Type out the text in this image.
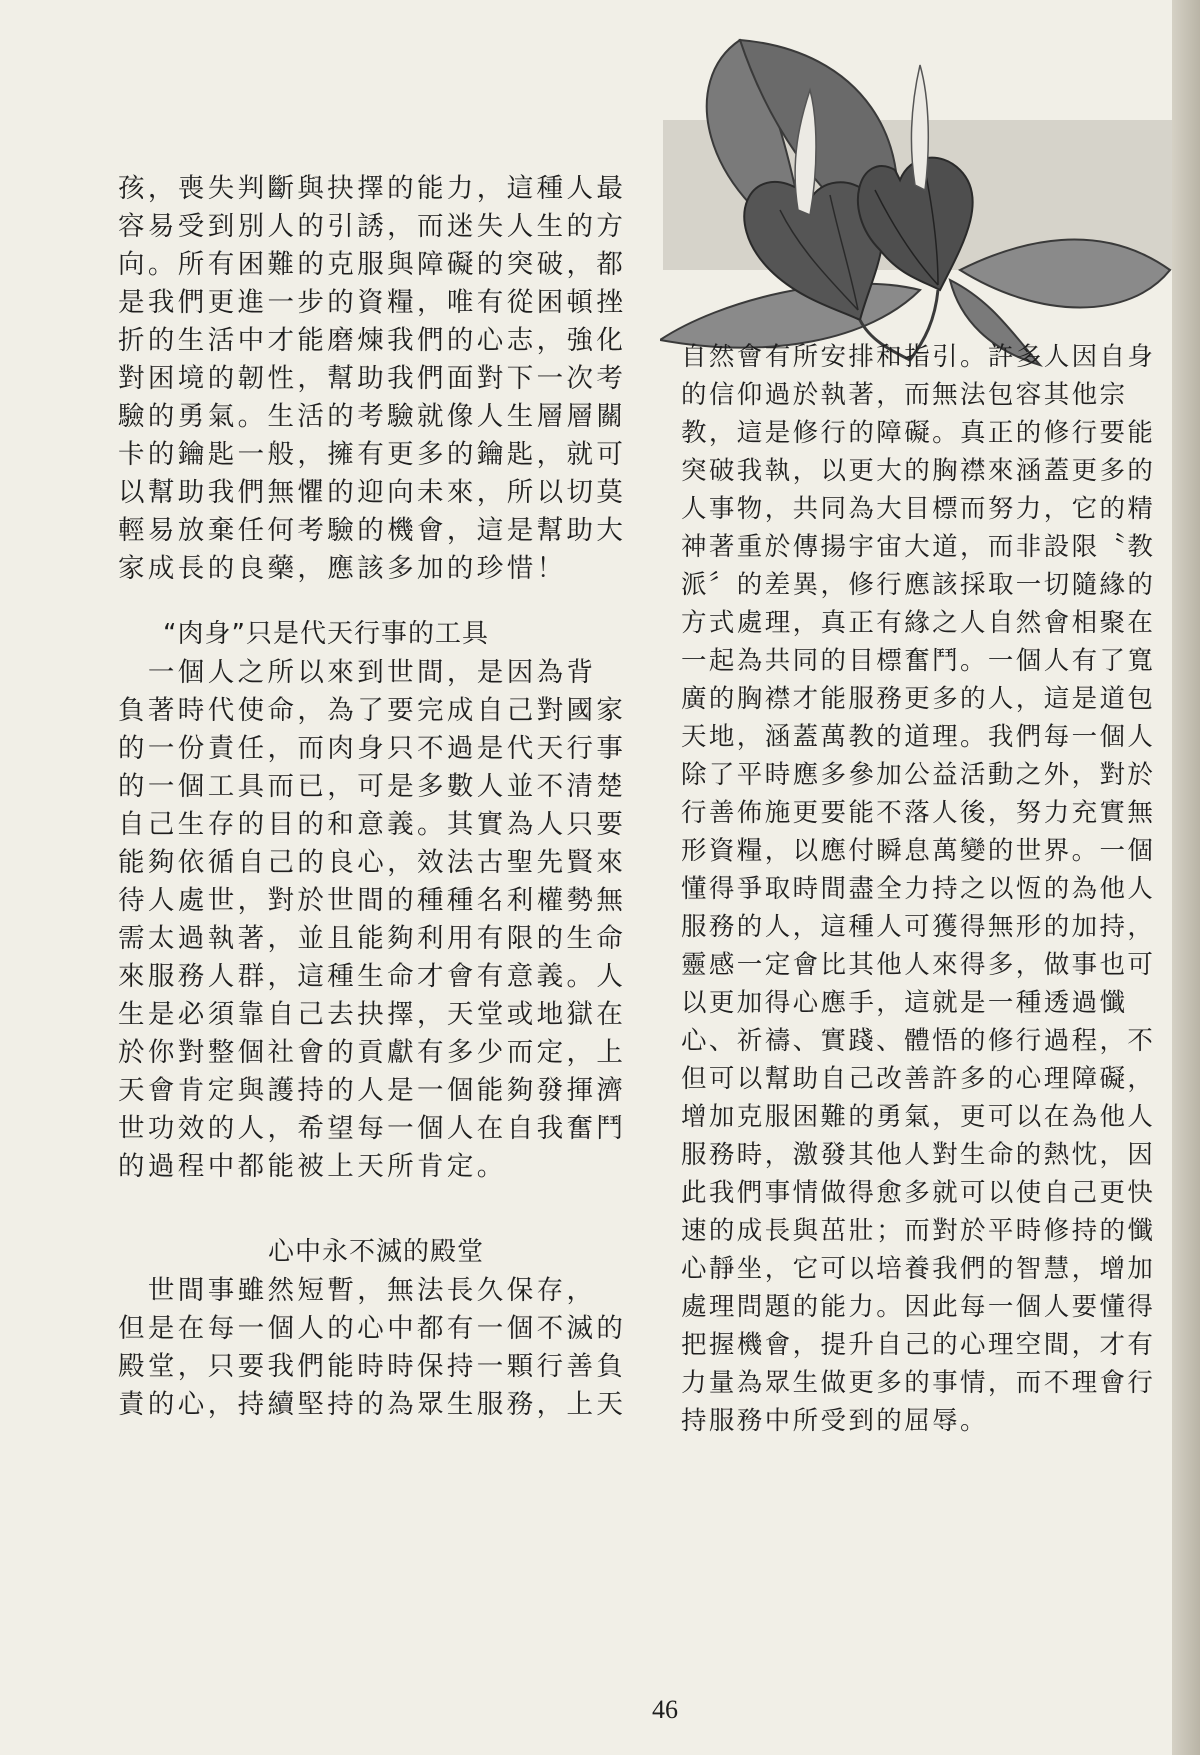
孩，喪失判斷與抉擇的能力，這種人最
容易受到別人的引誘，而迷失人生的方
向。所有困難的克服與障礙的突破，都
是我們更進一步的資糧，唯有從困頓挫
折的生活中才能磨煉我們的心志，強化
對困境的韌性，幫助我們面對下一次考
驗的勇氣。生活的考驗就像人生層層關
卡的鑰匙一般，擁有更多的鑰匙，就可
以幫助我們無懼的迎向未來，所以切莫
輕易放棄任何考驗的機會，這是幫助大
家成長的良藥，應該多加的珍惜！
“肉身”只是代天行事的工具
　一個人之所以來到世間，是因為背
負著時代使命，為了要完成自己對國家
的一份責任，而肉身只不過是代天行事
的一個工具而已，可是多數人並不清楚
自己生存的目的和意義。其實為人只要
能夠依循自己的良心，效法古聖先賢來
待人處世，對於世間的種種名利權勢無
需太過執著，並且能夠利用有限的生命
來服務人群，這種生命才會有意義。人
生是必須靠自己去抉擇，天堂或地獄在
於你對整個社會的貢獻有多少而定，上
天會肯定與護持的人是一個能夠發揮濟
世功效的人，希望每一個人在自我奮鬥
的過程中都能被上天所肯定。
心中永不滅的殿堂
　世間事雖然短暫，無法長久保存，
但是在每一個人的心中都有一個不滅的
殿堂，只要我們能時時保持一顆行善負
責的心，持續堅持的為眾生服務，上天
自然會有所安排和指引。許多人因自身
的信仰過於執著，而無法包容其他宗
教，這是修行的障礙。真正的修行要能
突破我執，以更大的胸襟來涵蓋更多的
人事物，共同為大目標而努力，它的精
神著重於傳揚宇宙大道，而非設限〝教
派〞的差異，修行應該採取一切隨緣的
方式處理，真正有緣之人自然會相聚在
一起為共同的目標奮鬥。一個人有了寬
廣的胸襟才能服務更多的人，這是道包
天地，涵蓋萬教的道理。我們每一個人
除了平時應多參加公益活動之外，對於
行善佈施更要能不落人後，努力充實無
形資糧，以應付瞬息萬變的世界。一個
懂得爭取時間盡全力持之以恆的為他人
服務的人，這種人可獲得無形的加持，
靈感一定會比其他人來得多，做事也可
以更加得心應手，這就是一種透過懺
心、祈禱、實踐、體悟的修行過程，不
但可以幫助自己改善許多的心理障礙，
增加克服困難的勇氣，更可以在為他人
服務時，激發其他人對生命的熱忱，因
此我們事情做得愈多就可以使自己更快
速的成長與茁壯；而對於平時修持的懺
心靜坐，它可以培養我們的智慧，增加
處理問題的能力。因此每一個人要懂得
把握機會，提升自己的心理空間，才有
力量為眾生做更多的事情，而不理會行
持服務中所受到的屈辱。
46
